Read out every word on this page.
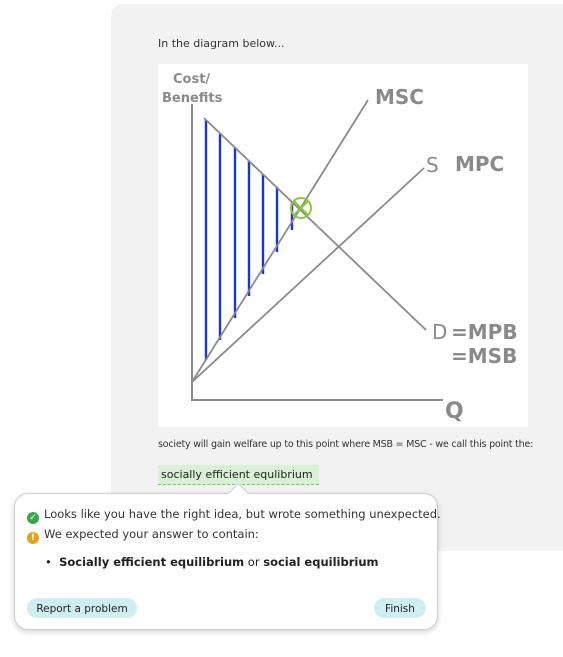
In the diagram below...
Cost/
Benefits	MSC
S MPC
D =MPB
=MSB
Q
society will gain welfare up to this point where MSB = MSC - we call this point the:
socially efficient equlibrium
✓ Looks like you have the right idea, but wrote something unexpected.
! We expected your answer to contain:
•  Socially efficient equilibrium or social equilibrium
Report a problem	Finish
